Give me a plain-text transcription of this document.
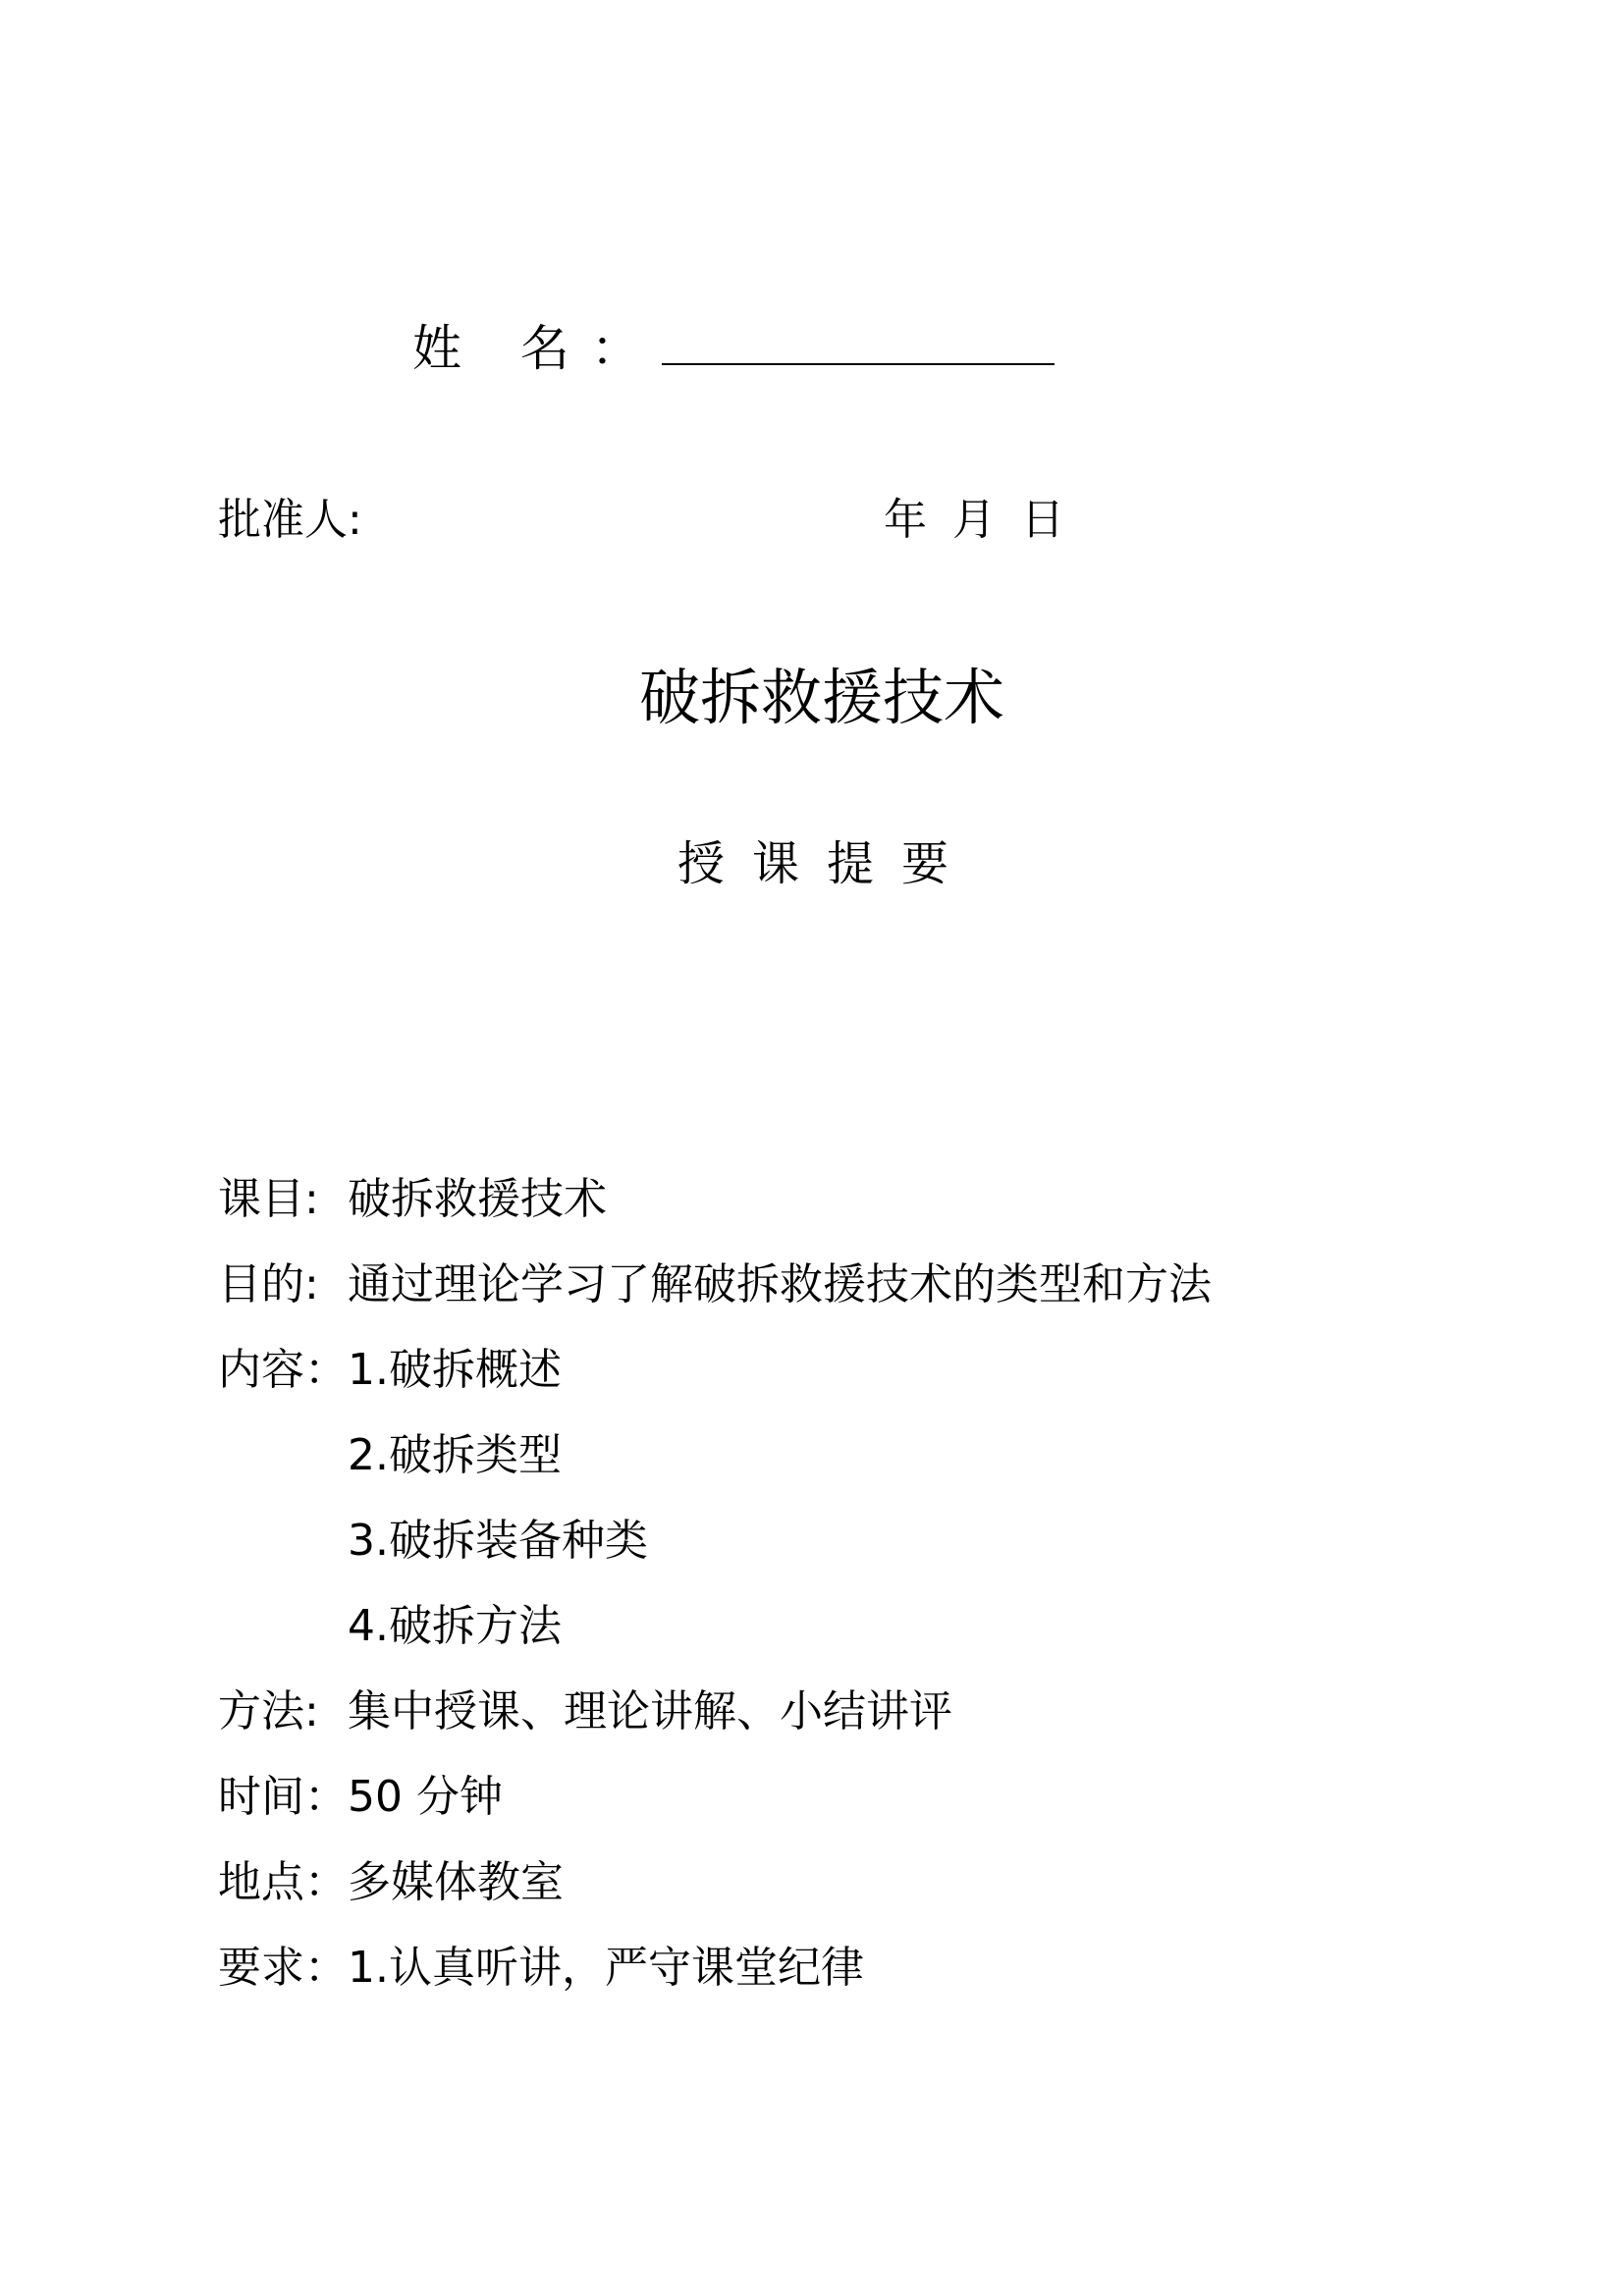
姓 名：
批准人:	年 月 日
破拆救援技术
授课提要
课目: 破拆救援技术
目的: 通过理论学习了解破拆救援技术的类型和方法
内容： 1.破拆概述
2.破拆类型
3.破拆装备种类
4.破拆方法
方法: 集中授课、理论讲解、小结讲评
时间： 50 分钟
地点： 多媒体教室
要求： 1.认真听讲，严守课堂纪律
